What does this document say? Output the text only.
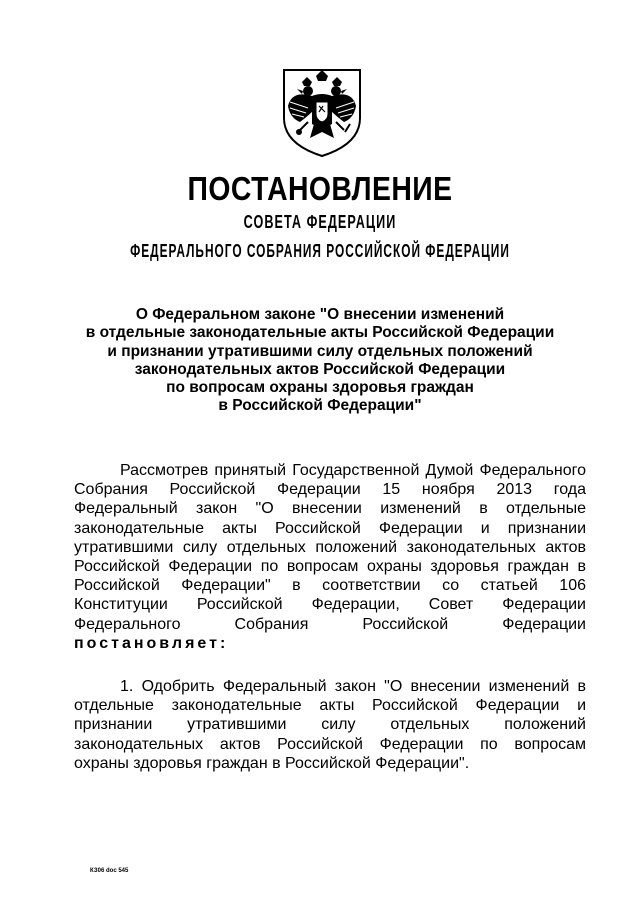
ПОСТАНОВЛЕНИЕ
СОВЕТА ФЕДЕРАЦИИ
ФЕДЕРАЛЬНОГО СОБРАНИЯ РОССИЙСКОЙ ФЕДЕРАЦИИ
О Федеральном законе "О внесении изменений
в отдельные законодательные акты Российской Федерации
и признании утратившими силу отдельных положений
законодательных актов Российской Федерации
по вопросам охраны здоровья граждан
в Российской Федерации"
Рассмотрев принятый Государственной Думой Федерального
Собрания Российской Федерации 15 ноября 2013 года
Федеральный закон "О внесении изменений в отдельные
законодательные акты Российской Федерации и признании
утратившими силу отдельных положений законодательных актов
Российской Федерации по вопросам охраны здоровья граждан в
Российской Федерации" в соответствии со статьей 106
Конституции Российской Федерации, Совет Федерации
Федерального Собрания Российской Федерации
постановляет:
1. Одобрить Федеральный закон "О внесении изменений в
отдельные законодательные акты Российской Федерации и
признании утратившими силу отдельных положений
законодательных актов Российской Федерации по вопросам
охраны здоровья граждан в Российской Федерации".
КЗ06 doc 545
